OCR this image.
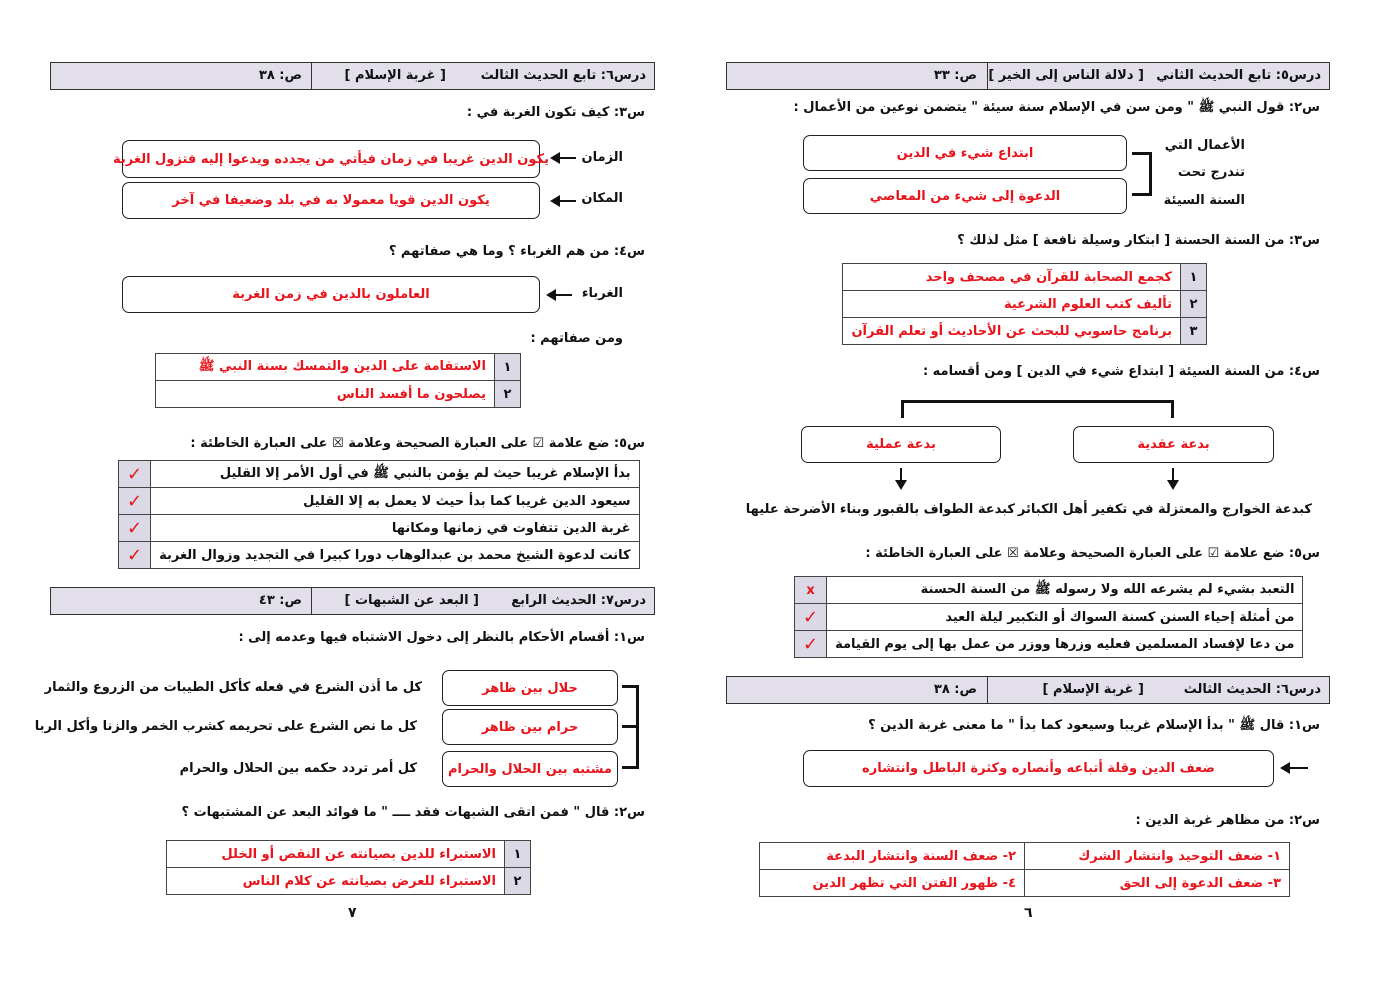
درس٥: تابع الحديث الثاني
[ دلالة الناس إلى الخير ]
ص: ٣٣
س٢: قول النبي ﷺ " ومن سن في الإسلام سنة سيئة " يتضمن نوعين من الأعمال :
ابتداع شيء في الدين
الدعوة إلى شيء من المعاصي
الأعمال التي
تندرج تحت
السنة السيئة
س٣: من السنة الحسنة [ ابتكار وسيلة نافعة ] مثل لذلك ؟
١	كجمع الصحابة للقرآن في مصحف واحد
٢	تأليف كتب العلوم الشرعية
٣	برنامج حاسوبي للبحث عن الأحاديث أو تعلم القرآن
س٤: من السنة السيئة [ ابتداع شيء في الدين ] ومن أقسامه :
بدعة عقدية
بدعة عملية
كبدعة الخوارج والمعتزلة في تكفير أهل الكبائر
كبدعة الطواف بالقبور وبناء الأضرحة عليها
س٥: ضع علامة ☑ على العبارة الصحيحة وعلامة ☒ على العبارة الخاطئة :
التعبد بشيء لم يشرعه الله ولا رسوله ﷺ من السنة الحسنة	x
من أمثلة إحياء السنن كسنة السواك أو التكبير ليلة العيد	✓
من دعا لإفساد المسلمين فعليه وزرها ووزر من عمل بها إلى يوم القيامة	✓
درس٦: الحديث الثالث
[ غربة الإسلام ]
ص: ٣٨
س١: قال ﷺ " بدأ الإسلام غريبا وسيعود كما بدأ " ما معنى غربة الدين ؟
ضعف الدين وقلة أتباعه وأنصاره وكثرة الباطل وانتشاره
س٢: من مظاهر غربة الدين :
١- ضعف التوحيد وانتشار الشرك	٢- ضعف السنة وانتشار البدعة
٣- ضعف الدعوة إلى الحق	٤- ظهور الفتن التي تظهر الدين
٦
درس٦: تابع الحديث الثالث
[ غربة الإسلام ]
ص: ٣٨
س٣: كيف تكون الغربة في :
الزمان
يكون الدين غريبا في زمان فيأتي من يجدده ويدعوا إليه فتزول الغربة
المكان
يكون الدين قويا معمولا به في بلد وضعيفا في آخر
س٤: من هم الغرباء ؟ وما هي صفاتهم ؟
الغرباء
العاملون بالدين في زمن الغربة
ومن صفاتهم :
١	الاستقامة على الدين والتمسك بسنة النبي ﷺ
٢	يصلحون ما أفسد الناس
س٥: ضع علامة ☑ على العبارة الصحيحة وعلامة ☒ على العبارة الخاطئة :
بدأ الإسلام غريبا حيث لم يؤمن بالنبي ﷺ في أول الأمر إلا القليل	✓
سيعود الدين غريبا كما بدأ حيث لا يعمل به إلا القليل	✓
غربة الدين تتفاوت في زمانها ومكانها	✓
كانت لدعوة الشيخ محمد بن عبدالوهاب دورا كبيرا في التجديد وزوال الغربة	✓
درس٧: الحديث الرابع
[ البعد عن الشبهات ]
ص: ٤٣
س١: أقسام الأحكام بالنظر إلى دخول الاشتباه فيها وعدمه إلى :
حلال بين ظاهر
حرام بين ظاهر
مشتبه بين الحلال والحرام
كل ما أذن الشرع في فعله كأكل الطيبات من الزروع والثمار
كل ما نص الشرع على تحريمه كشرب الخمر والزنا وأكل الربا
كل أمر تردد حكمه بين الحلال والحرام
س٢: قال " فمن اتقى الشبهات فقد ــــ " ما فوائد البعد عن المشتبهات ؟
١	الاستبراء للدين بصيانته عن النقص أو الخلل
٢	الاستبراء للعرض بصيانته عن كلام الناس
٧
